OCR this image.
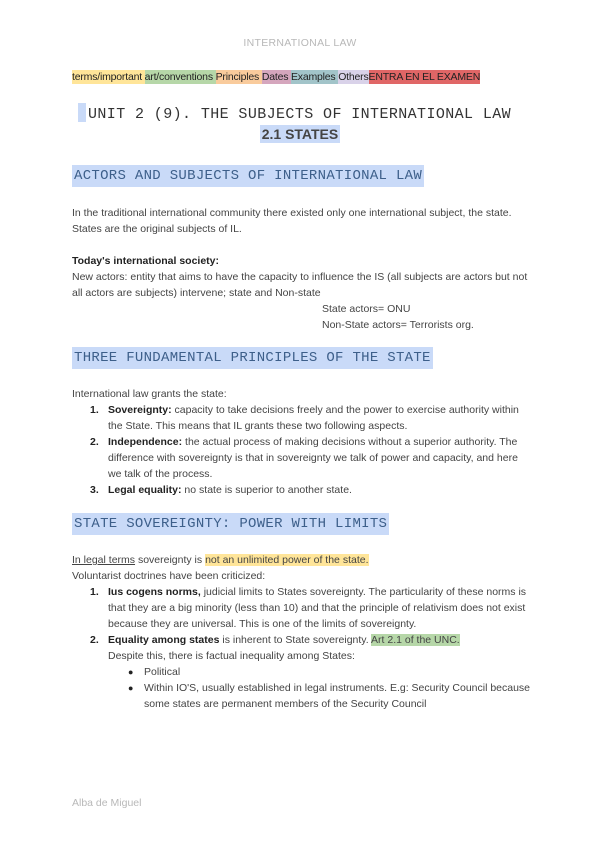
INTERNATIONAL LAW
terms/important art/conventions Principles Dates Examples OthersENTRA EN EL EXAMEN
UNIT 2 (9). THE SUBJECTS OF INTERNATIONAL LAW
2.1 STATES
ACTORS AND SUBJECTS OF INTERNATIONAL LAW
In the traditional international community there existed only one international subject, the state. States are the original subjects of IL.
Today's international society:
New actors: entity that aims to have the capacity to influence the IS (all subjects are actors but not all actors are subjects) intervene; state and Non-state
State actors= ONU
Non-State actors= Terrorists org.
THREE FUNDAMENTAL PRINCIPLES OF THE STATE
International law grants the state:
1. Sovereignty: capacity to take decisions freely and the power to exercise authority within the State. This means that IL grants these two following aspects.
2. Independence: the actual process of making decisions without a superior authority. The difference with sovereignty is that in sovereignty we talk of power and capacity, and here we talk of the process.
3. Legal equality: no state is superior to another state.
STATE SOVEREIGNTY: POWER WITH LIMITS
In legal terms sovereignty is not an unlimited power of the state.
Voluntarist doctrines have been criticized:
1. Ius cogens norms, judicial limits to States sovereignty. The particularity of these norms is that they are a big minority (less than 10) and that the principle of relativism does not exist because they are universal. This is one of the limits of sovereignty.
2. Equality among states is inherent to State sovereignty. Art 2.1 of the UNC.
Despite this, there is factual inequality among States:
● Political
● Within IO'S, usually established in legal instruments. E.g: Security Council because some states are permanent members of the Security Council
Alba de Miguel
